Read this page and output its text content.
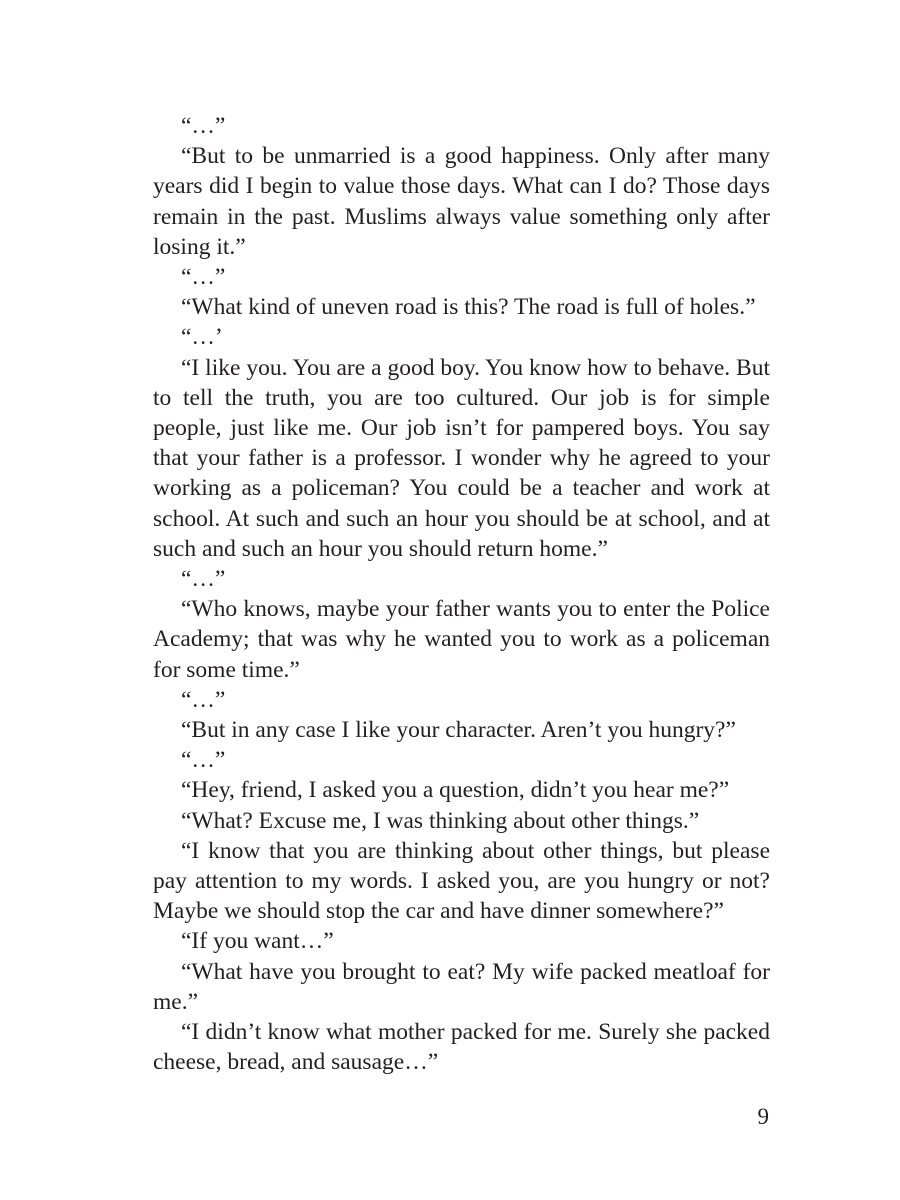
“…”

“But to be unmarried is a good happiness. Only after many years did I begin to value those days. What can I do? Those days remain in the past. Muslims always value something only after losing it.”

“…”

“What kind of uneven road is this? The road is full of holes.”

“…’

“I like you. You are a good boy. You know how to behave. But to tell the truth, you are too cultured. Our job is for simple people, just like me. Our job isn’t for pampered boys. You say that your father is a professor. I wonder why he agreed to your working as a policeman? You could be a teacher and work at school. At such and such an hour you should be at school, and at such and such an hour you should return home.”

“…”

“Who knows, maybe your father wants you to enter the Police Academy; that was why he wanted you to work as a policeman for some time.”

“…”

“But in any case I like your character. Aren’t you hungry?”

“…”

“Hey, friend, I asked you a question, didn’t you hear me?”

“What? Excuse me, I was thinking about other things.”

“I know that you are thinking about other things, but please pay attention to my words. I asked you, are you hungry or not? Maybe we should stop the car and have dinner somewhere?”

“If you want…”

“What have you brought to eat? My wife packed meatloaf for me.”

“I didn’t know what mother packed for me. Surely she packed cheese, bread, and sausage…”

9
